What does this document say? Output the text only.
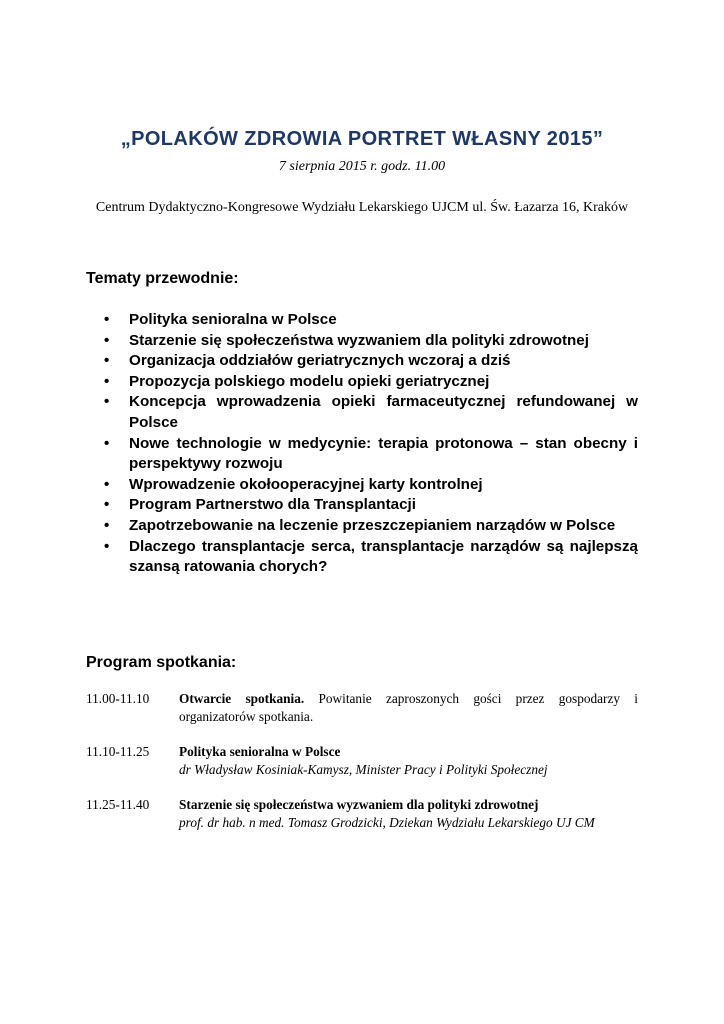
„POLAKÓW ZDROWIA PORTRET WŁASNY 2015”
7 sierpnia 2015 r. godz. 11.00
Centrum Dydaktyczno-Kongresowe Wydziału Lekarskiego UJCM ul. Św. Łazarza 16, Kraków
Tematy przewodnie:
• Polityka senioralna w Polsce
• Starzenie się społeczeństwa wyzwaniem dla polityki zdrowotnej
• Organizacja oddziałów geriatrycznych wczoraj a dziś
• Propozycja polskiego modelu opieki geriatrycznej
• Koncepcja wprowadzenia opieki farmaceutycznej refundowanej w Polsce
• Nowe technologie w medycynie: terapia protonowa – stan obecny i perspektywy rozwoju
• Wprowadzenie okołooperacyjnej karty kontrolnej
• Program Partnerstwo dla Transplantacji
• Zapotrzebowanie na leczenie przeszczepianiem narządów w Polsce
• Dlaczego transplantacje serca, transplantacje narządów są najlepszą szansą ratowania chorych?
Program spotkania:
11.00-11.10	Otwarcie spotkania. Powitanie zaproszonych gości przez gospodarzy i organizatorów spotkania.
11.10-11.25	Polityka senioralna w Polsce
dr Władysław Kosiniak-Kamysz, Minister Pracy i Polityki Społecznej
11.25-11.40	Starzenie się społeczeństwa wyzwaniem dla polityki zdrowotnej
prof. dr hab. n med. Tomasz Grodzicki, Dziekan Wydziału Lekarskiego UJ CM
